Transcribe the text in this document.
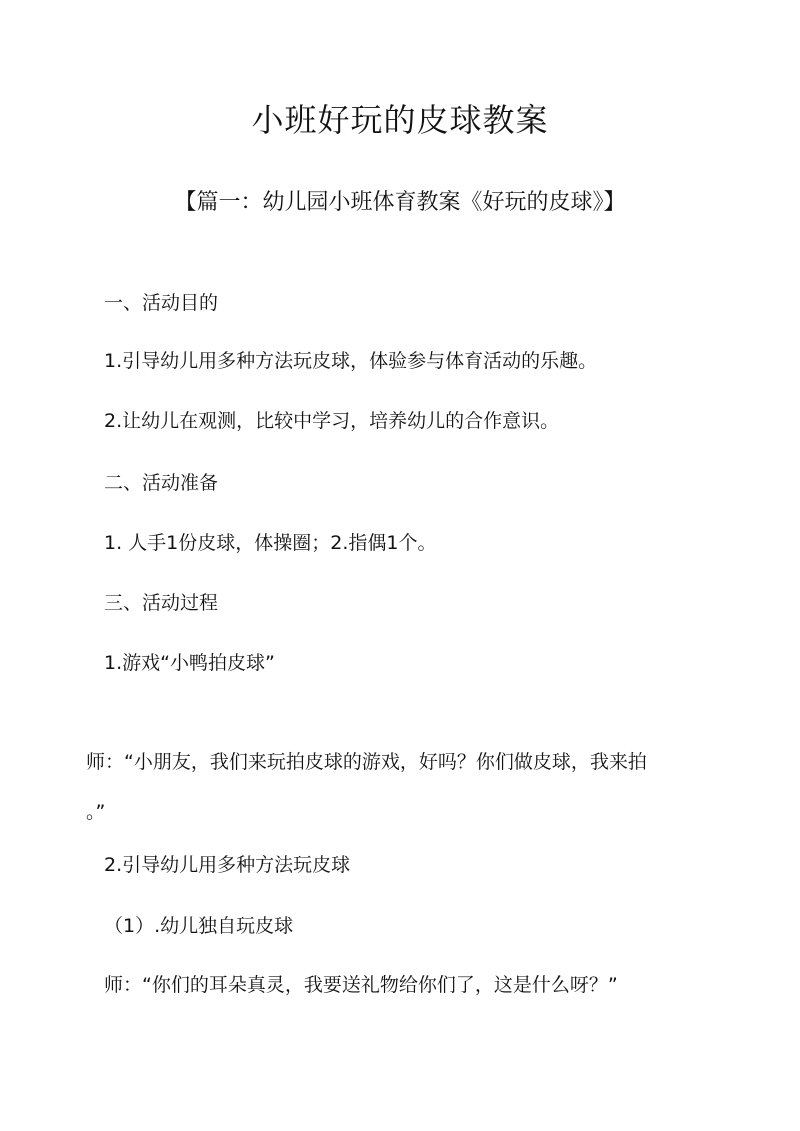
小班好玩的皮球教案
【篇一：幼儿园小班体育教案《好玩的皮球》】

一、活动目的

1.引导幼儿用多种方法玩皮球，体验参与体育活动的乐趣。

2.让幼儿在观测，比较中学习，培养幼儿的合作意识。

二、活动准备

1. 人手1份皮球，体操圈；2.指偶1个。

三、活动过程

1.游戏“小鸭拍皮球”

师：“小朋友，我们来玩拍皮球的游戏，好吗？你们做皮球，我来拍

。”

2.引导幼儿用多种方法玩皮球

（1）.幼儿独自玩皮球

师：“你们的耳朵真灵，我要送礼物给你们了，这是什么呀？”
